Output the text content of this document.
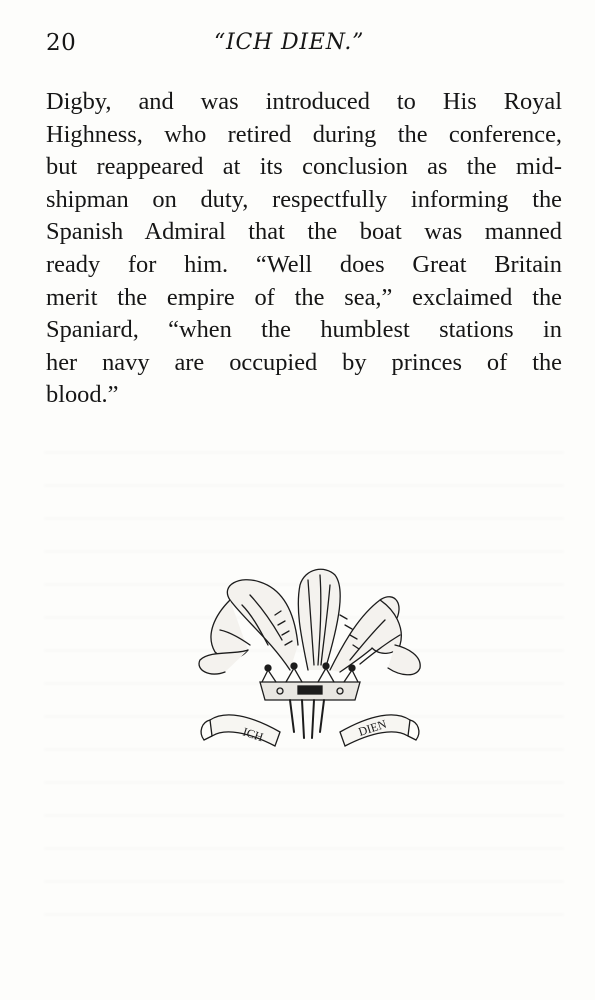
20	“ICH DIEN.”
Digby, and was introduced to His Royal
Highness, who retired during the conference,
but reappeared at its conclusion as the mid-
shipman on duty, respectfully informing the
Spanish Admiral that the boat was manned
ready for him. “Well does Great Britain
merit the empire of the sea,” exclaimed the
Spaniard, “when the humblest stations in
her navy are occupied by princes of the
blood.”
ICH	DIEN
